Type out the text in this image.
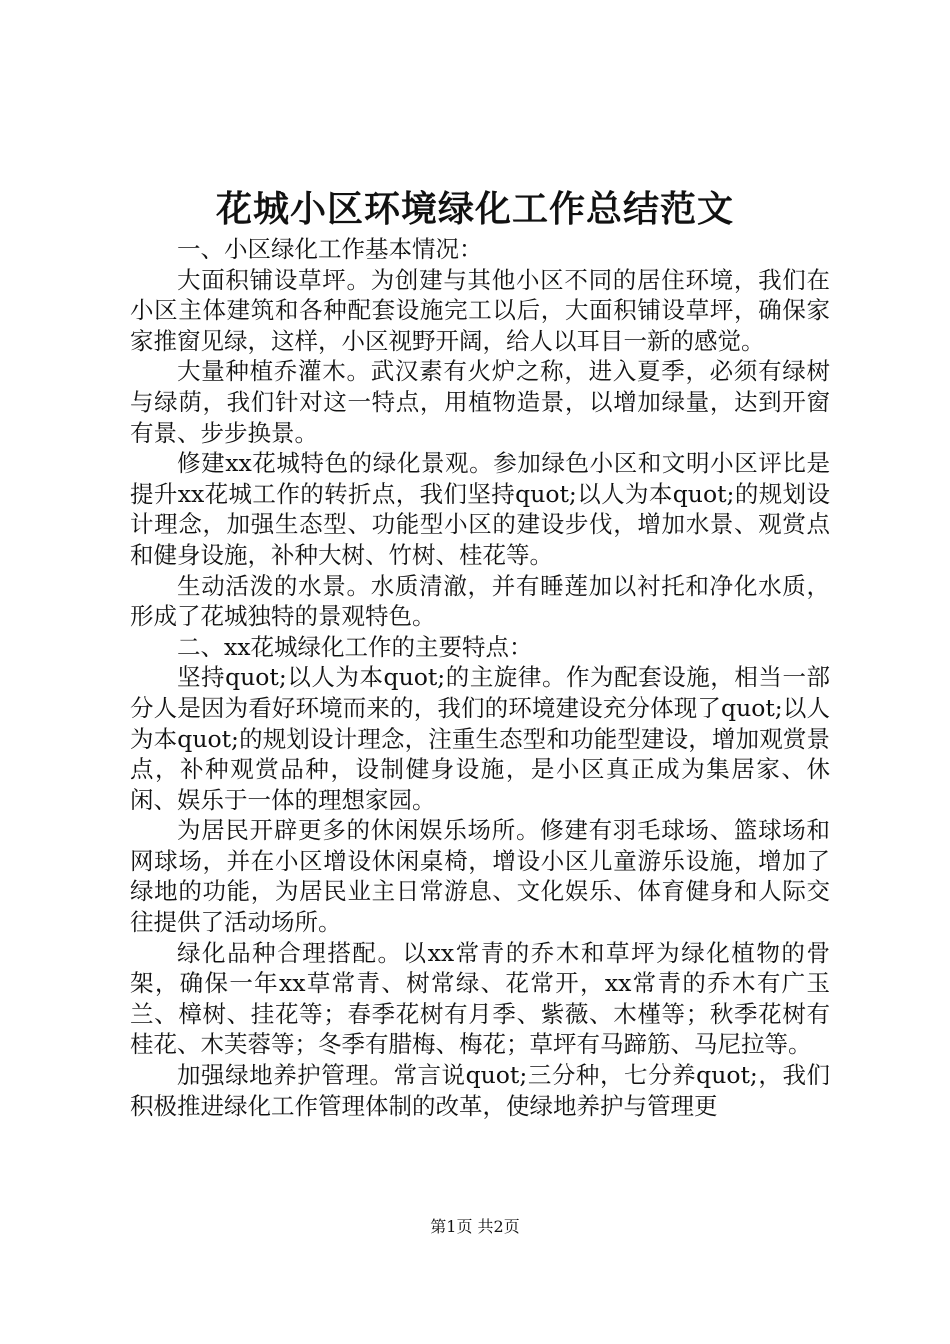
花城小区环境绿化工作总结范文

一、小区绿化工作基本情况：

大面积铺设草坪。为创建与其他小区不同的居住环境，我们在小区主体建筑和各种配套设施完工以后，大面积铺设草坪，确保家家推窗见绿，这样，小区视野开阔，给人以耳目一新的感觉。

大量种植乔灌木。武汉素有火炉之称，进入夏季，必须有绿树与绿荫，我们针对这一特点，用植物造景，以增加绿量，达到开窗有景、步步换景。

修建xx花城特色的绿化景观。参加绿色小区和文明小区评比是提升xx花城工作的转折点，我们坚持quot;以人为本quot;的规划设计理念，加强生态型、功能型小区的建设步伐，增加水景、观赏点和健身设施，补种大树、竹树、桂花等。

生动活泼的水景。水质清澈，并有睡莲加以衬托和净化水质，形成了花城独特的景观特色。

二、xx花城绿化工作的主要特点：

坚持quot;以人为本quot;的主旋律。作为配套设施，相当一部分人是因为看好环境而来的，我们的环境建设充分体现了quot;以人为本quot;的规划设计理念，注重生态型和功能型建设，增加观赏景点，补种观赏品种，设制健身设施，是小区真正成为集居家、休闲、娱乐于一体的理想家园。

为居民开辟更多的休闲娱乐场所。修建有羽毛球场、篮球场和网球场，并在小区增设休闲桌椅，增设小区儿童游乐设施，增加了绿地的功能，为居民业主日常游息、文化娱乐、体育健身和人际交往提供了活动场所。

绿化品种合理搭配。以xx常青的乔木和草坪为绿化植物的骨架，确保一年xx草常青、树常绿、花常开，xx常青的乔木有广玉兰、樟树、挂花等；春季花树有月季、紫薇、木槿等；秋季花树有桂花、木芙蓉等；冬季有腊梅、梅花；草坪有马蹄筋、马尼拉等。

加强绿地养护管理。常言说quot;三分种，七分养quot;，我们积极推进绿化工作管理体制的改革，使绿地养护与管理更

第1页 共2页
